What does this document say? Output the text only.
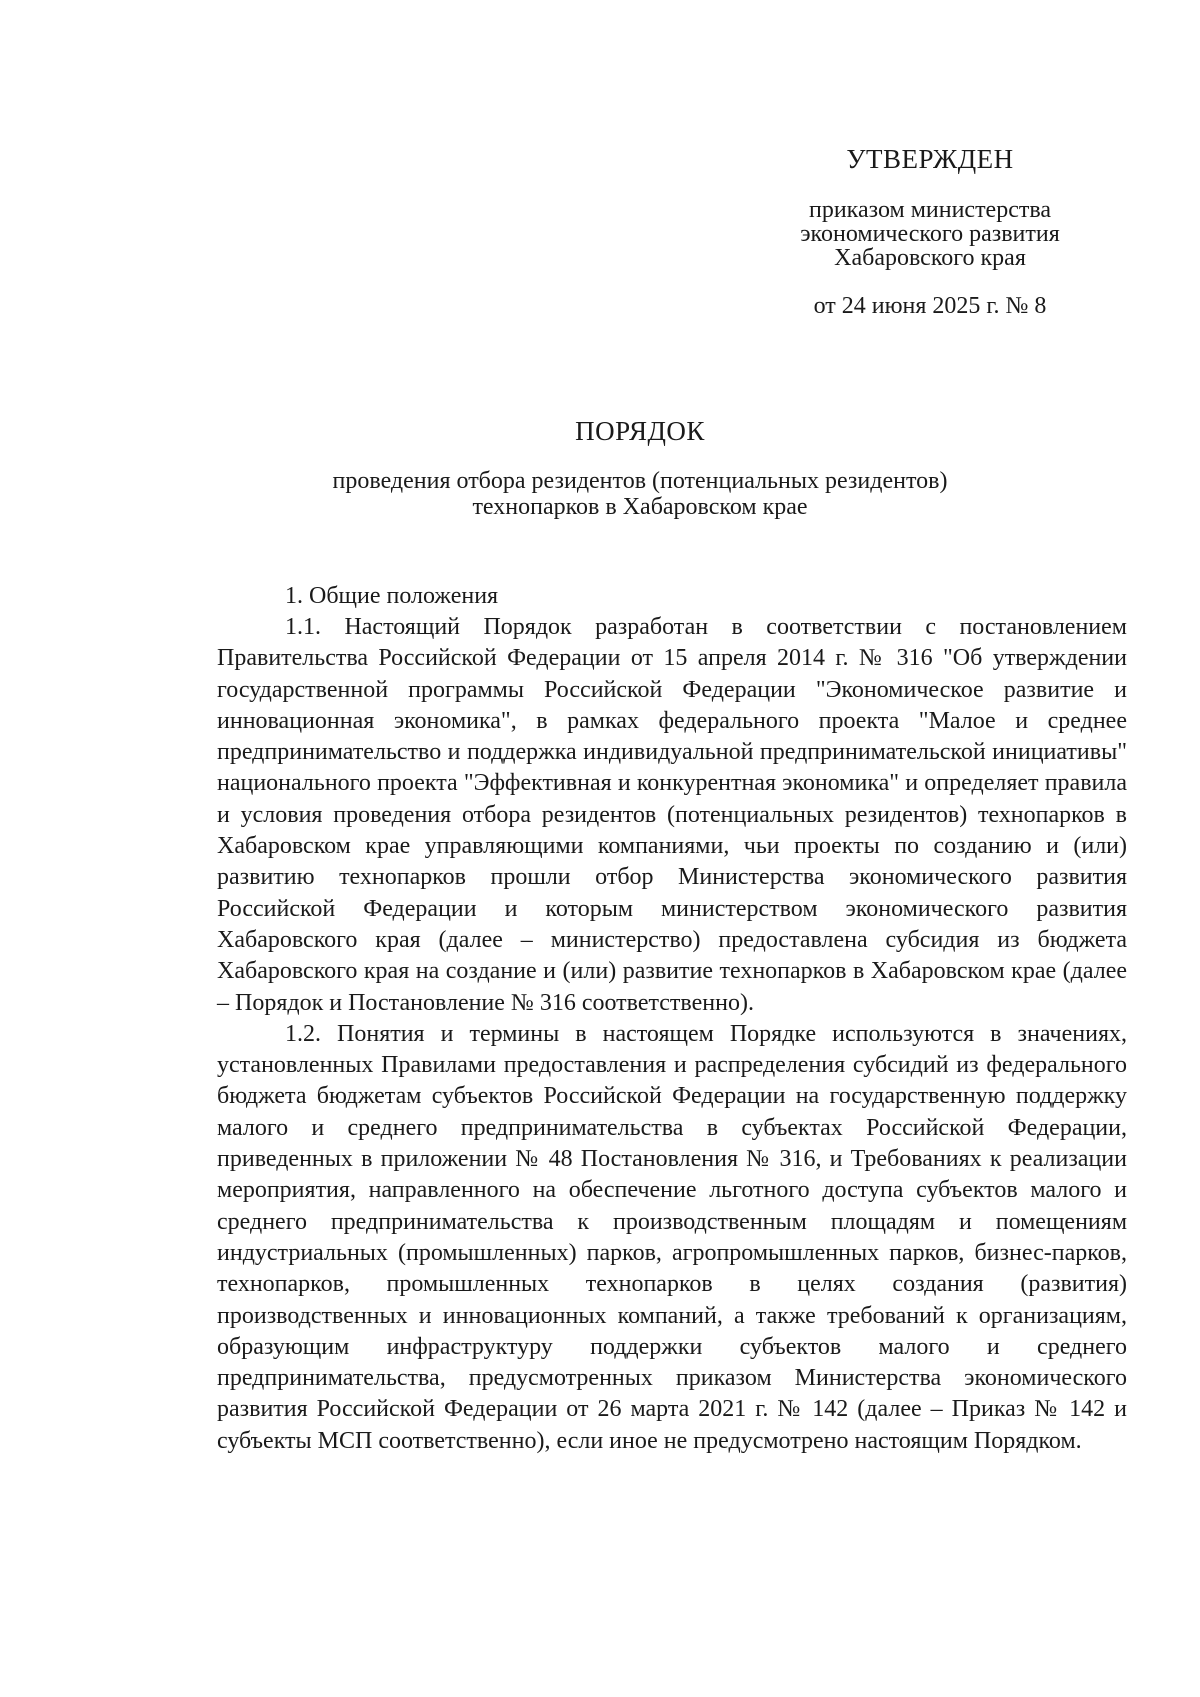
УТВЕРЖДЕН
приказом министерства
экономического развития
Хабаровского края
от 24 июня 2025 г. № 8
ПОРЯДОК
проведения отбора резидентов (потенциальных резидентов)
технопарков в Хабаровском крае

1. Общие положения

1.1. Настоящий Порядок разработан в соответствии с постановлением Правительства Российской Федерации от 15 апреля 2014 г. № 316 "Об утверждении государственной программы Российской Федерации "Экономическое развитие и инновационная экономика", в рамках федерального проекта "Малое и среднее предпринимательство и поддержка индивидуальной предпринимательской инициативы" национального проекта "Эффективная и конкурентная экономика" и определяет правила и условия проведения отбора резидентов (потенциальных резидентов) технопарков в Хабаровском крае управляющими компаниями, чьи проекты по созданию и (или) развитию технопарков прошли отбор Министерства экономического развития Российской Федерации и которым министерством экономического развития Хабаровского края (далее – министерство) предоставлена субсидия из бюджета Хабаровского края на создание и (или) развитие технопарков в Хабаровском крае (далее – Порядок и Постановление № 316 соответственно).

1.2. Понятия и термины в настоящем Порядке используются в значениях, установленных Правилами предоставления и распределения субсидий из федерального бюджета бюджетам субъектов Российской Федерации на государственную поддержку малого и среднего предпринимательства в субъектах Российской Федерации, приведенных в приложении № 48 Постановления № 316, и Требованиях к реализации мероприятия, направленного на обеспечение льготного доступа субъектов малого и среднего предпринимательства к производственным площадям и помещениям индустриальных (промышленных) парков, агропромышленных парков, бизнес-парков, технопарков, промышленных технопарков в целях создания (развития) производственных и инновационных компаний, а также требований к организациям, образующим инфраструктуру поддержки субъектов малого и среднего предпринимательства, предусмотренных приказом Министерства экономического развития Российской Федерации от 26 марта 2021 г. № 142 (далее – Приказ № 142 и субъекты МСП соответственно), если иное не предусмотрено настоящим Порядком.
